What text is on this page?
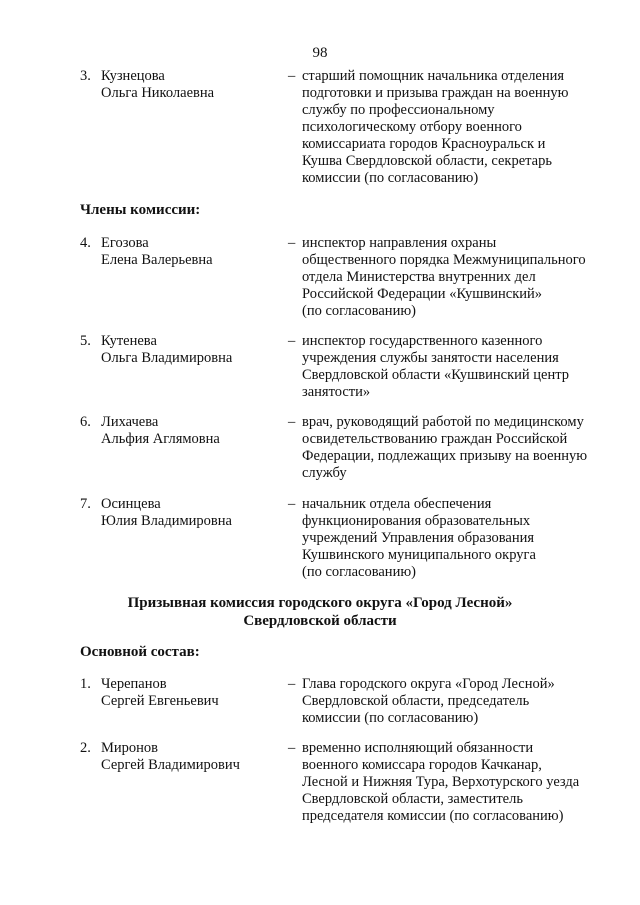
98
3. Кузнецова
Ольга Николаевна
– старший помощник начальника отделения
подготовки и призыва граждан на военную
службу по профессиональному
психологическому отбору военного
комиссариата городов Красноуральск и
Кушва Свердловской области, секретарь
комиссии (по согласованию)
Члены комиссии:
4. Егозова
Елена Валерьевна
– инспектор направления охраны
общественного порядка Межмуниципального
отдела Министерства внутренних дел
Российской Федерации «Кушвинский»
(по согласованию)
5. Кутенева
Ольга Владимировна
– инспектор государственного казенного
учреждения службы занятости населения
Свердловской области «Кушвинский центр
занятости»
6. Лихачева
Альфия Аглямовна
– врач, руководящий работой по медицинскому
освидетельствованию граждан Российской
Федерации, подлежащих призыву на военную
службу
7. Осинцева
Юлия Владимировна
– начальник отдела обеспечения
функционирования образовательных
учреждений Управления образования
Кушвинского муниципального округа
(по согласованию)
Призывная комиссия городского округа «Город Лесной»
Свердловской области
Основной состав:
1. Черепанов
Сергей Евгеньевич
– Глава городского округа «Город Лесной»
Свердловской области, председатель
комиссии (по согласованию)
2. Миронов
Сергей Владимирович
– временно исполняющий обязанности
военного комиссара городов Качканар,
Лесной и Нижняя Тура, Верхотурского уезда
Свердловской области, заместитель
председателя комиссии (по согласованию)
